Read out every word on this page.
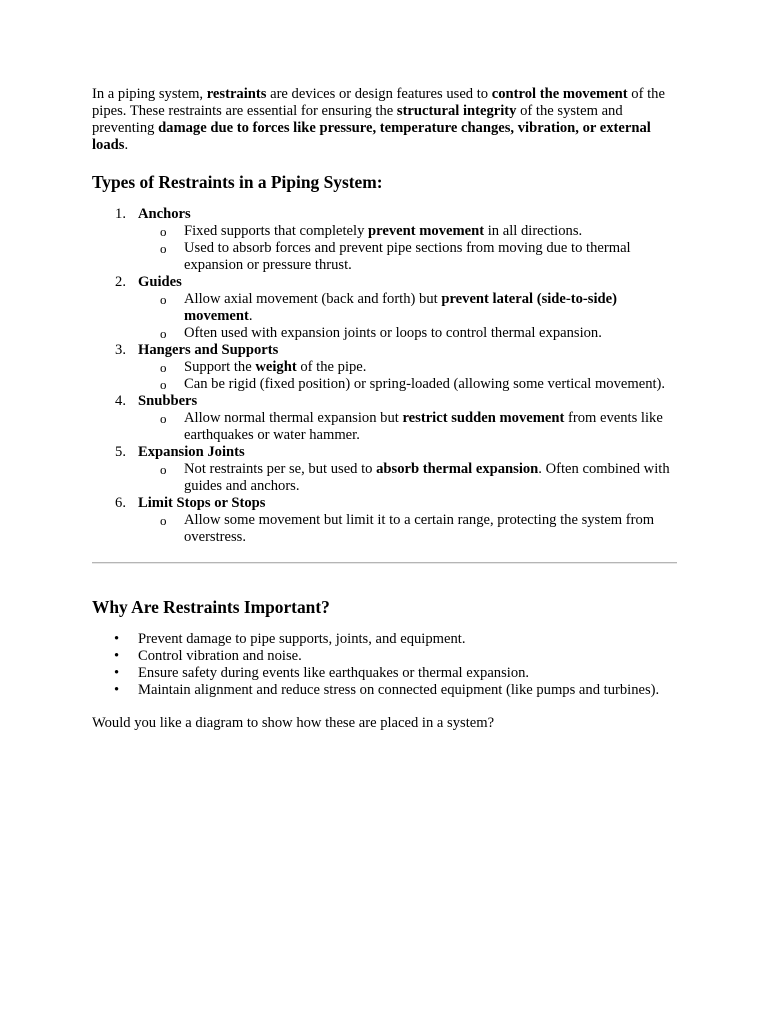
In a piping system, restraints are devices or design features used to control the movement of the pipes. These restraints are essential for ensuring the structural integrity of the system and preventing damage due to forces like pressure, temperature changes, vibration, or external loads.

Types of Restraints in a Piping System:
1. Anchors
o Fixed supports that completely prevent movement in all directions.
o Used to absorb forces and prevent pipe sections from moving due to thermal expansion or pressure thrust.
2. Guides
o Allow axial movement (back and forth) but prevent lateral (side-to-side) movement.
o Often used with expansion joints or loops to control thermal expansion.
3. Hangers and Supports
o Support the weight of the pipe.
o Can be rigid (fixed position) or spring-loaded (allowing some vertical movement).
4. Snubbers
o Allow normal thermal expansion but restrict sudden movement from events like earthquakes or water hammer.
5. Expansion Joints
o Not restraints per se, but used to absorb thermal expansion. Often combined with guides and anchors.
6. Limit Stops or Stops
o Allow some movement but limit it to a certain range, protecting the system from overstress.
Why Are Restraints Important?
• Prevent damage to pipe supports, joints, and equipment.
• Control vibration and noise.
• Ensure safety during events like earthquakes or thermal expansion.
• Maintain alignment and reduce stress on connected equipment (like pumps and turbines).

Would you like a diagram to show how these are placed in a system?
